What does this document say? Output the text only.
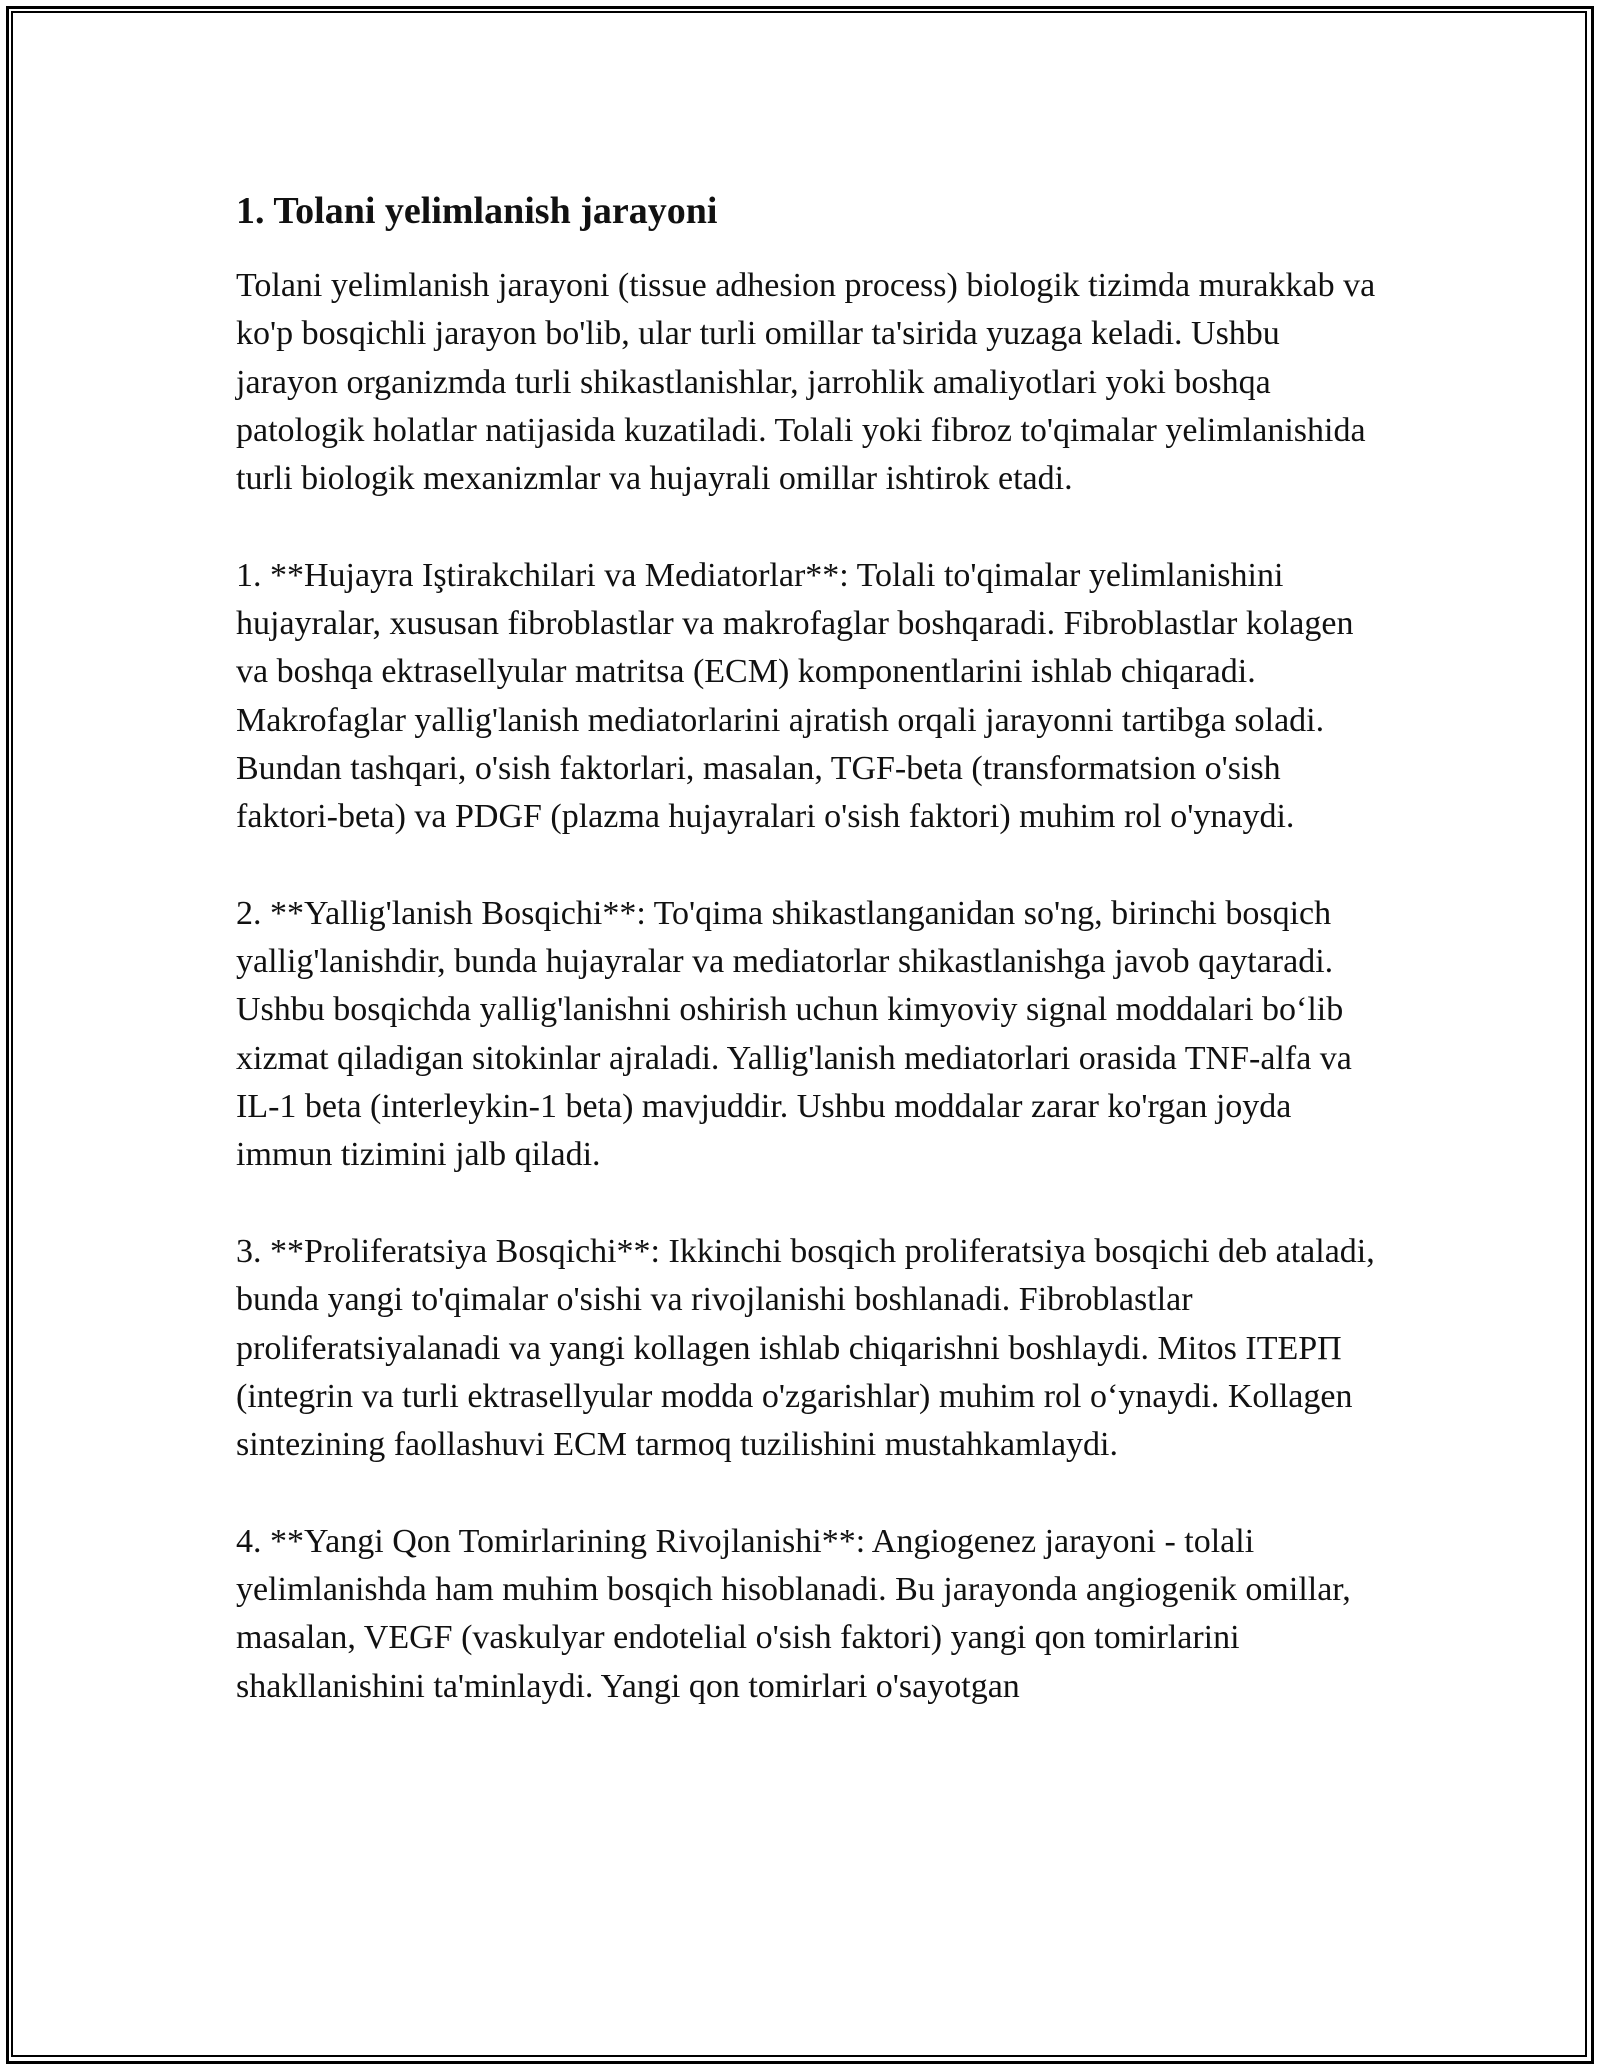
1. Tolani yelimlanish jarayoni

Tolani yelimlanish jarayoni (tissue adhesion process) biologik tizimda murakkab va ko'p bosqichli jarayon bo'lib, ular turli omillar ta'sirida yuzaga keladi. Ushbu jarayon organizmda turli shikastlanishlar, jarrohlik amaliyotlari yoki boshqa patologik holatlar natijasida kuzatiladi. Tolali yoki fibroz to'qimalar yelimlanishida turli biologik mexanizmlar va hujayrali omillar ishtirok etadi.

1. **Hujayra Iştirakchilari va Mediatorlar**: Tolali to'qimalar yelimlanishini hujayralar, xususan fibroblastlar va makrofaglar boshqaradi. Fibroblastlar kolagen va boshqa ektrasellyular matritsa (ECM) komponentlarini ishlab chiqaradi. Makrofaglar yallig'lanish mediatorlarini ajratish orqali jarayonni tartibga soladi. Bundan tashqari, o'sish faktorlari, masalan, TGF-beta (transformatsion o'sish faktori-beta) va PDGF (plazma hujayralari o'sish faktori) muhim rol o'ynaydi.

2. **Yallig'lanish Bosqichi**: To'qima shikastlanganidan so'ng, birinchi bosqich yallig'lanishdir, bunda hujayralar va mediatorlar shikastlanishga javob qaytaradi. Ushbu bosqichda yallig'lanishni oshirish uchun kimyoviy signal moddalari bo‘lib xizmat qiladigan sitokinlar ajraladi. Yallig'lanish mediatorlari orasida TNF-alfa va IL-1 beta (interleykin-1 beta) mavjuddir. Ushbu moddalar zarar ko'rgan joyda immun tizimini jalb qiladi.

3. **Proliferatsiya Bosqichi**: Ikkinchi bosqich proliferatsiya bosqichi deb ataladi, bunda yangi to'qimalar o'sishi va rivojlanishi boshlanadi. Fibroblastlar proliferatsiyalanadi va yangi kollagen ishlab chiqarishni boshlaydi. Mitos ITEPΠ (integrin va turli ektrasellyular modda o'zgarishlar) muhim rol o‘ynaydi. Kollagen sintezining faollashuvi ECM tarmoq tuzilishini mustahkamlaydi.

4. **Yangi Qon Tomirlarining Rivojlanishi**: Angiogenez jarayoni - tolali yelimlanishda ham muhim bosqich hisoblanadi. Bu jarayonda angiogenik omillar, masalan, VEGF (vaskulyar endotelial o'sish faktori) yangi qon tomirlarini shakllanishini ta'minlaydi. Yangi qon tomirlari o'sayotgan
